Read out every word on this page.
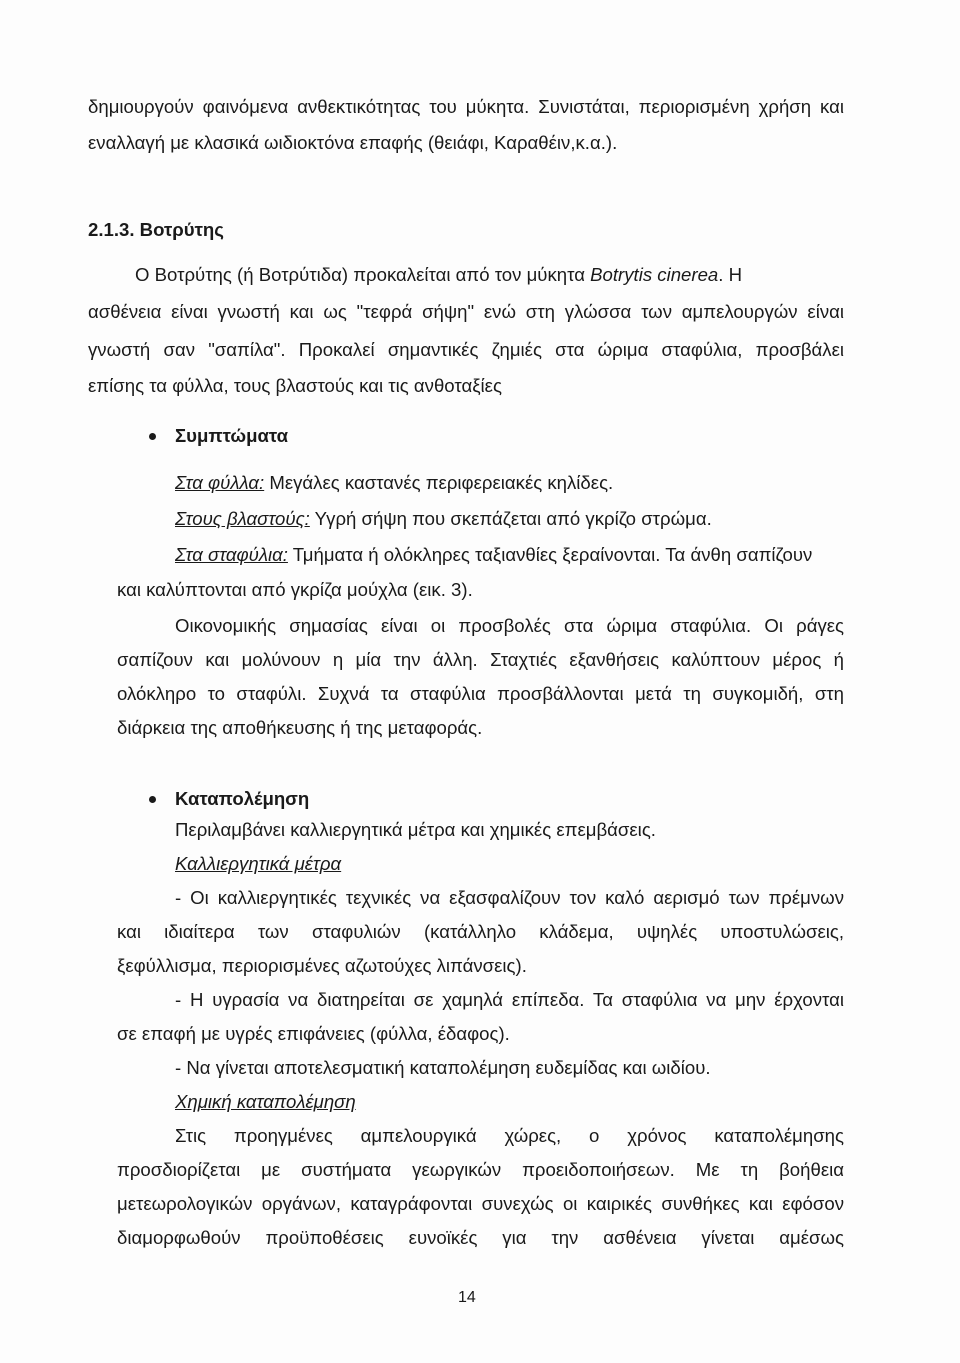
δημιουργούν φαινόμενα ανθεκτικότητας του μύκητα. Συνιστάται, περιορισμένη χρήση και
εναλλαγή με κλασικά ωιδιοκτόνα επαφής (θειάφι, Καραθέιν,κ.α.).
2.1.3. Βοτρύτης
Ο Βοτρύτης (ή Βοτρύτιδα) προκαλείται από τον μύκητα Botrytis cinerea. Η
ασθένεια είναι γνωστή και ως "τεφρά σήψη" ενώ στη γλώσσα των αμπελουργών είναι
γνωστή σαν "σαπίλα". Προκαλεί σημαντικές ζημιές στα ώριμα σταφύλια, προσβάλει
επίσης τα φύλλα, τους βλαστούς και τις ανθοταξίες
Συμπτώματα
Στα φύλλα: Μεγάλες καστανές περιφερειακές κηλίδες.
Στους βλαστούς: Υγρή σήψη που σκεπάζεται από γκρίζο στρώμα.
Στα σταφύλια: Τμήματα ή ολόκληρες ταξιανθίες ξεραίνονται. Τα άνθη σαπίζουν
και καλύπτονται από γκρίζα μούχλα (εικ. 3).
Οικονομικής σημασίας είναι οι προσβολές στα ώριμα σταφύλια. Οι ράγες
σαπίζουν και μολύνουν η μία την άλλη. Σταχτιές εξανθήσεις καλύπτουν μέρος ή
ολόκληρο το σταφύλι. Συχνά τα σταφύλια προσβάλλονται μετά τη συγκομιδή, στη
διάρκεια της αποθήκευσης ή της μεταφοράς.
Καταπολέμηση
Περιλαμβάνει καλλιεργητικά μέτρα και χημικές επεμβάσεις.
Καλλιεργητικά μέτρα
- Οι καλλιεργητικές τεχνικές να εξασφαλίζουν τον καλό αερισμό των πρέμνων
και ιδιαίτερα των σταφυλιών (κατάλληλο κλάδεμα, υψηλές υποστυλώσεις,
ξεφύλλισμα, περιορισμένες αζωτούχες λιπάνσεις).
- Η υγρασία να διατηρείται σε χαμηλά επίπεδα. Τα σταφύλια να μην έρχονται
σε επαφή με υγρές επιφάνειες (φύλλα, έδαφος).
- Να γίνεται αποτελεσματική καταπολέμηση ευδεμίδας και ωιδίου.
Χημική καταπολέμηση
Στις προηγμένες αμπελουργικά χώρες, ο χρόνος καταπολέμησης
προσδιορίζεται με συστήματα γεωργικών προειδοποιήσεων. Με τη βοήθεια
μετεωρολογικών οργάνων, καταγράφονται συνεχώς οι καιρικές συνθήκες και εφόσον
διαμορφωθούν προϋποθέσεις ευνοϊκές για την ασθένεια γίνεται αμέσως
14
